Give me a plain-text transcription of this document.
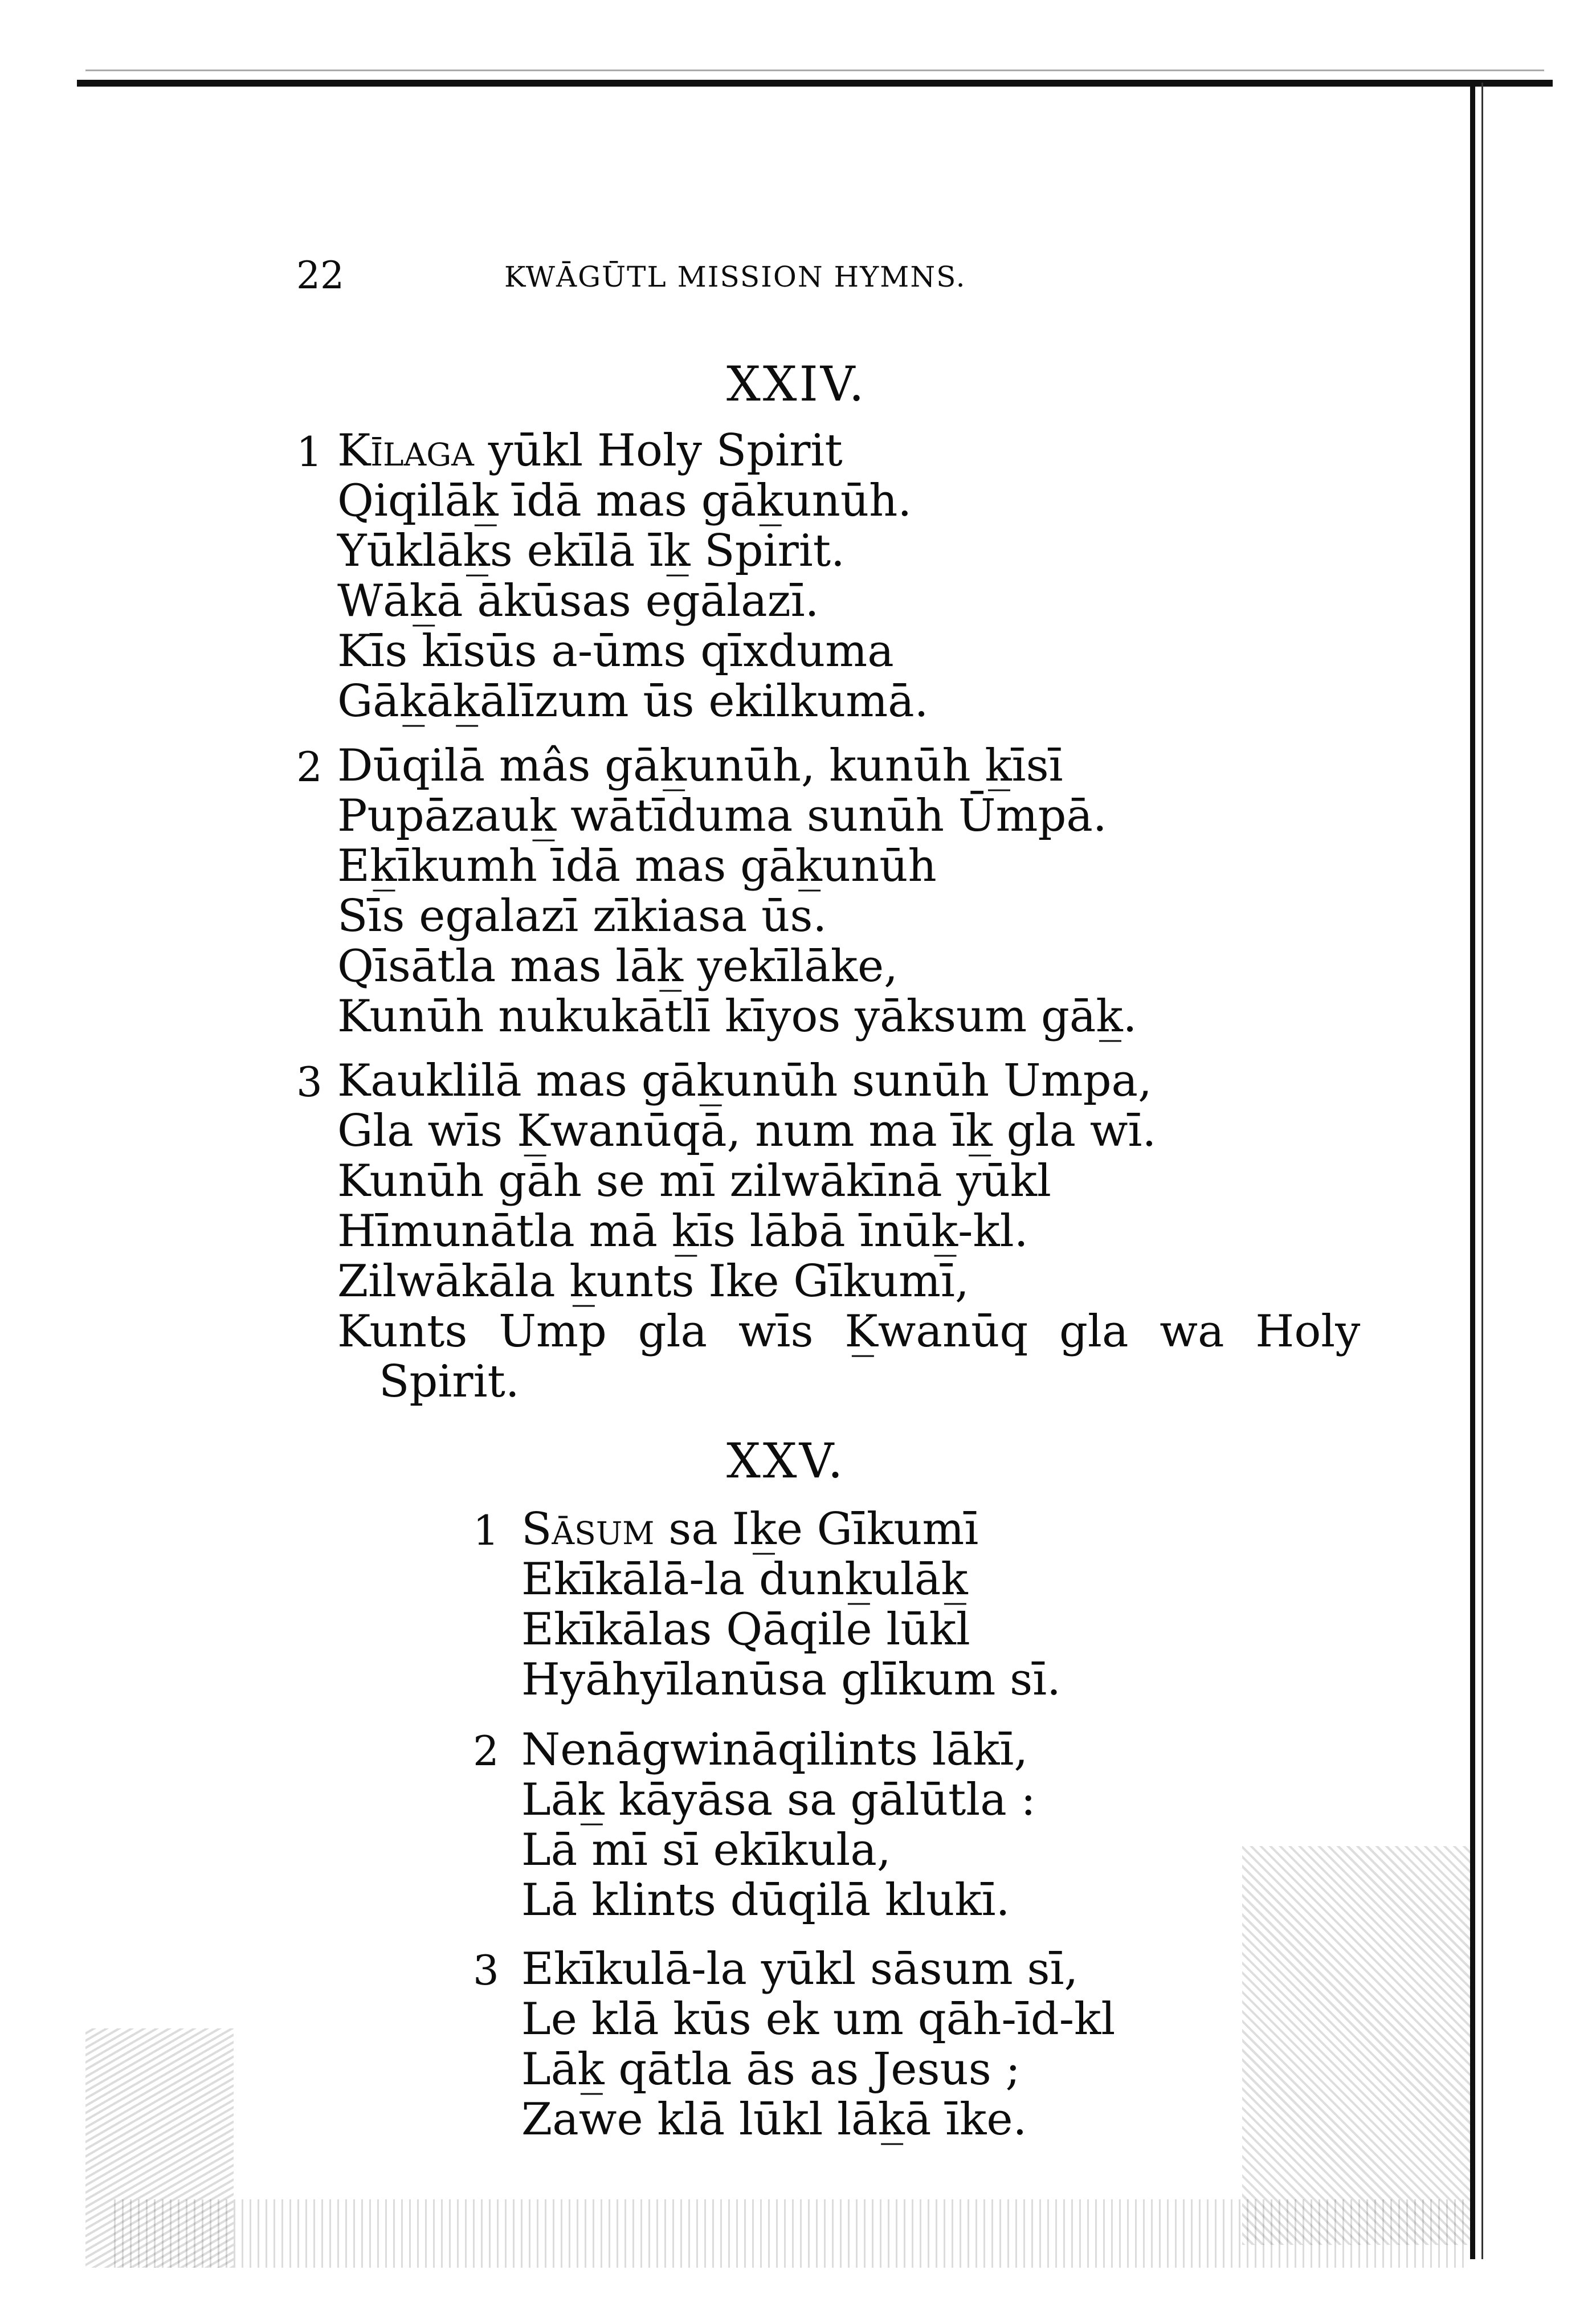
22	KWĀGŪTL MISSION HYMNS.
XXIV.
1 Kīlaga yūkl Holy Spirit
Qiqilāk̲ īdā mas gāk̲unūh.
Yūklāk̲s ekīlā īk̲ Spirit.
Wāk̲ā ākūsas egālazī.
Kīs kīsūs a-ūms qīxduma
Gāk̲āk̲ālīzum ūs ekilkumā.
2 Dūqilā mâs gāk̲unūh, kunūh k̲īsī
Pupāzauk̲ wātīduma sunūh Ūmpā.
Ek̲īkumh īdā mas gāk̲unūh
Sīs egalazī zīkiasa ūs.
Qīsātla mas lāk̲ yekīlāke,
Kunūh nukukātlī kīyos yāksum gāk̲.
3 Kauklilā mas gāk̲unūh sunūh Umpa,
Gla wīs K̲wanūqā, num ma īk̲ gla wī.
Kunūh gāh se mī zilwākīnā yūkl
Hīmunātla mā k̲īs lābā īnūk̲-kl.
Zilwākāla k̲unts Ike Gīkumī,
Kunts Ump gla wīs K̲wanūq gla wa Holy
Spirit.
XXV.
1 Sāsum sa Ik̲e Gīkumī
Ekīkālā-la dunk̲ulāk̲
Ekīkālas Qāqile lūkl
Hyāhyīlanūsa glīkum sī.
2 Nenāgwināqilints lākī,
Lāk̲ kāyāsa sa gālūtla :
Lā mī sī ekīkula,
Lā klints dūqilā klukī.
3 Ekīkulā-la yūkl sāsum sī,
Le klā kūs ek um qāh-īd-kl
Lāk̲ qātla ās as Jesus ;
Zawe klā lūkl lāk̲ā īke.
